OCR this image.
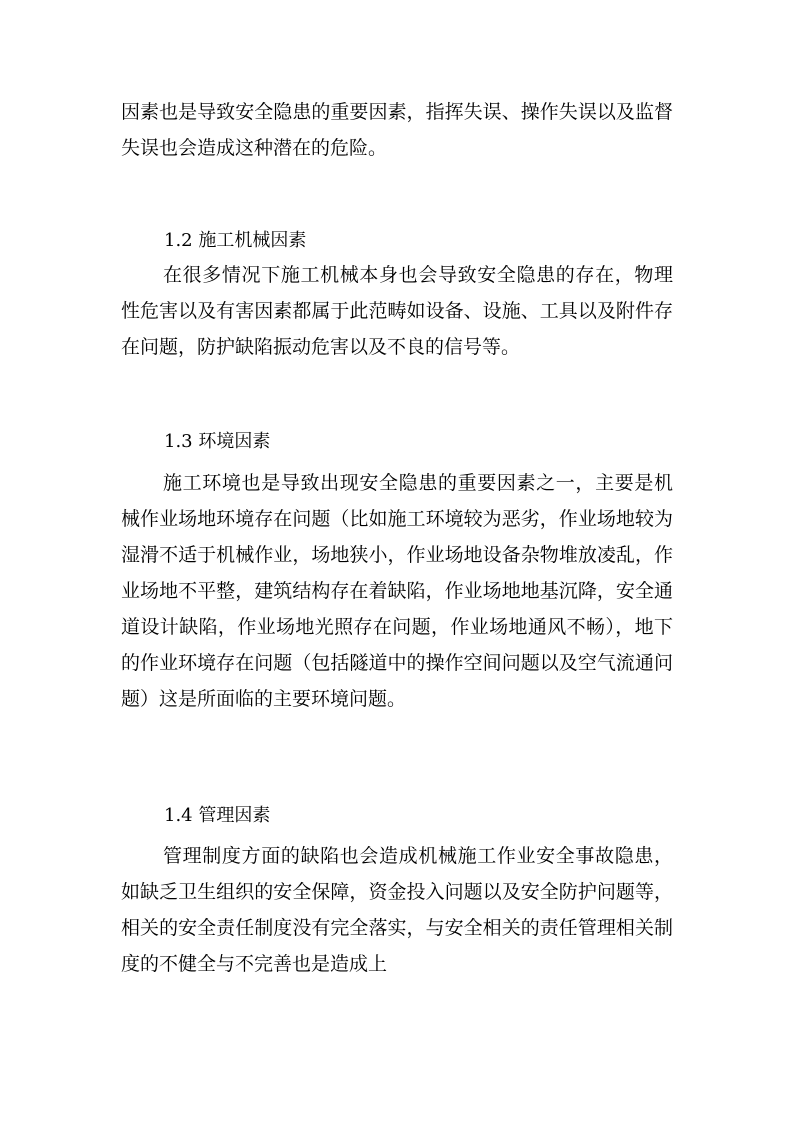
因素也是导致安全隐患的重要因素，指挥失误、操作失误以及监督失误也会造成这种潜在的危险。
1.2 施工机械因素
在很多情况下施工机械本身也会导致安全隐患的存在，物理性危害以及有害因素都属于此范畴如设备、设施、工具以及附件存在问题，防护缺陷振动危害以及不良的信号等。
1.3 环境因素
施工环境也是导致出现安全隐患的重要因素之一，主要是机械作业场地环境存在问题（比如施工环境较为恶劣，作业场地较为湿滑不适于机械作业，场地狭小，作业场地设备杂物堆放凌乱，作业场地不平整，建筑结构存在着缺陷，作业场地地基沉降，安全通道设计缺陷，作业场地光照存在问题，作业场地通风不畅），地下的作业环境存在问题（包括隧道中的操作空间问题以及空气流通问题）这是所面临的主要环境问题。
1.4 管理因素
管理制度方面的缺陷也会造成机械施工作业安全事故隐患，如缺乏卫生组织的安全保障，资金投入问题以及安全防护问题等，相关的安全责任制度没有完全落实，与安全相关的责任管理相关制度的不健全与不完善也是造成上
